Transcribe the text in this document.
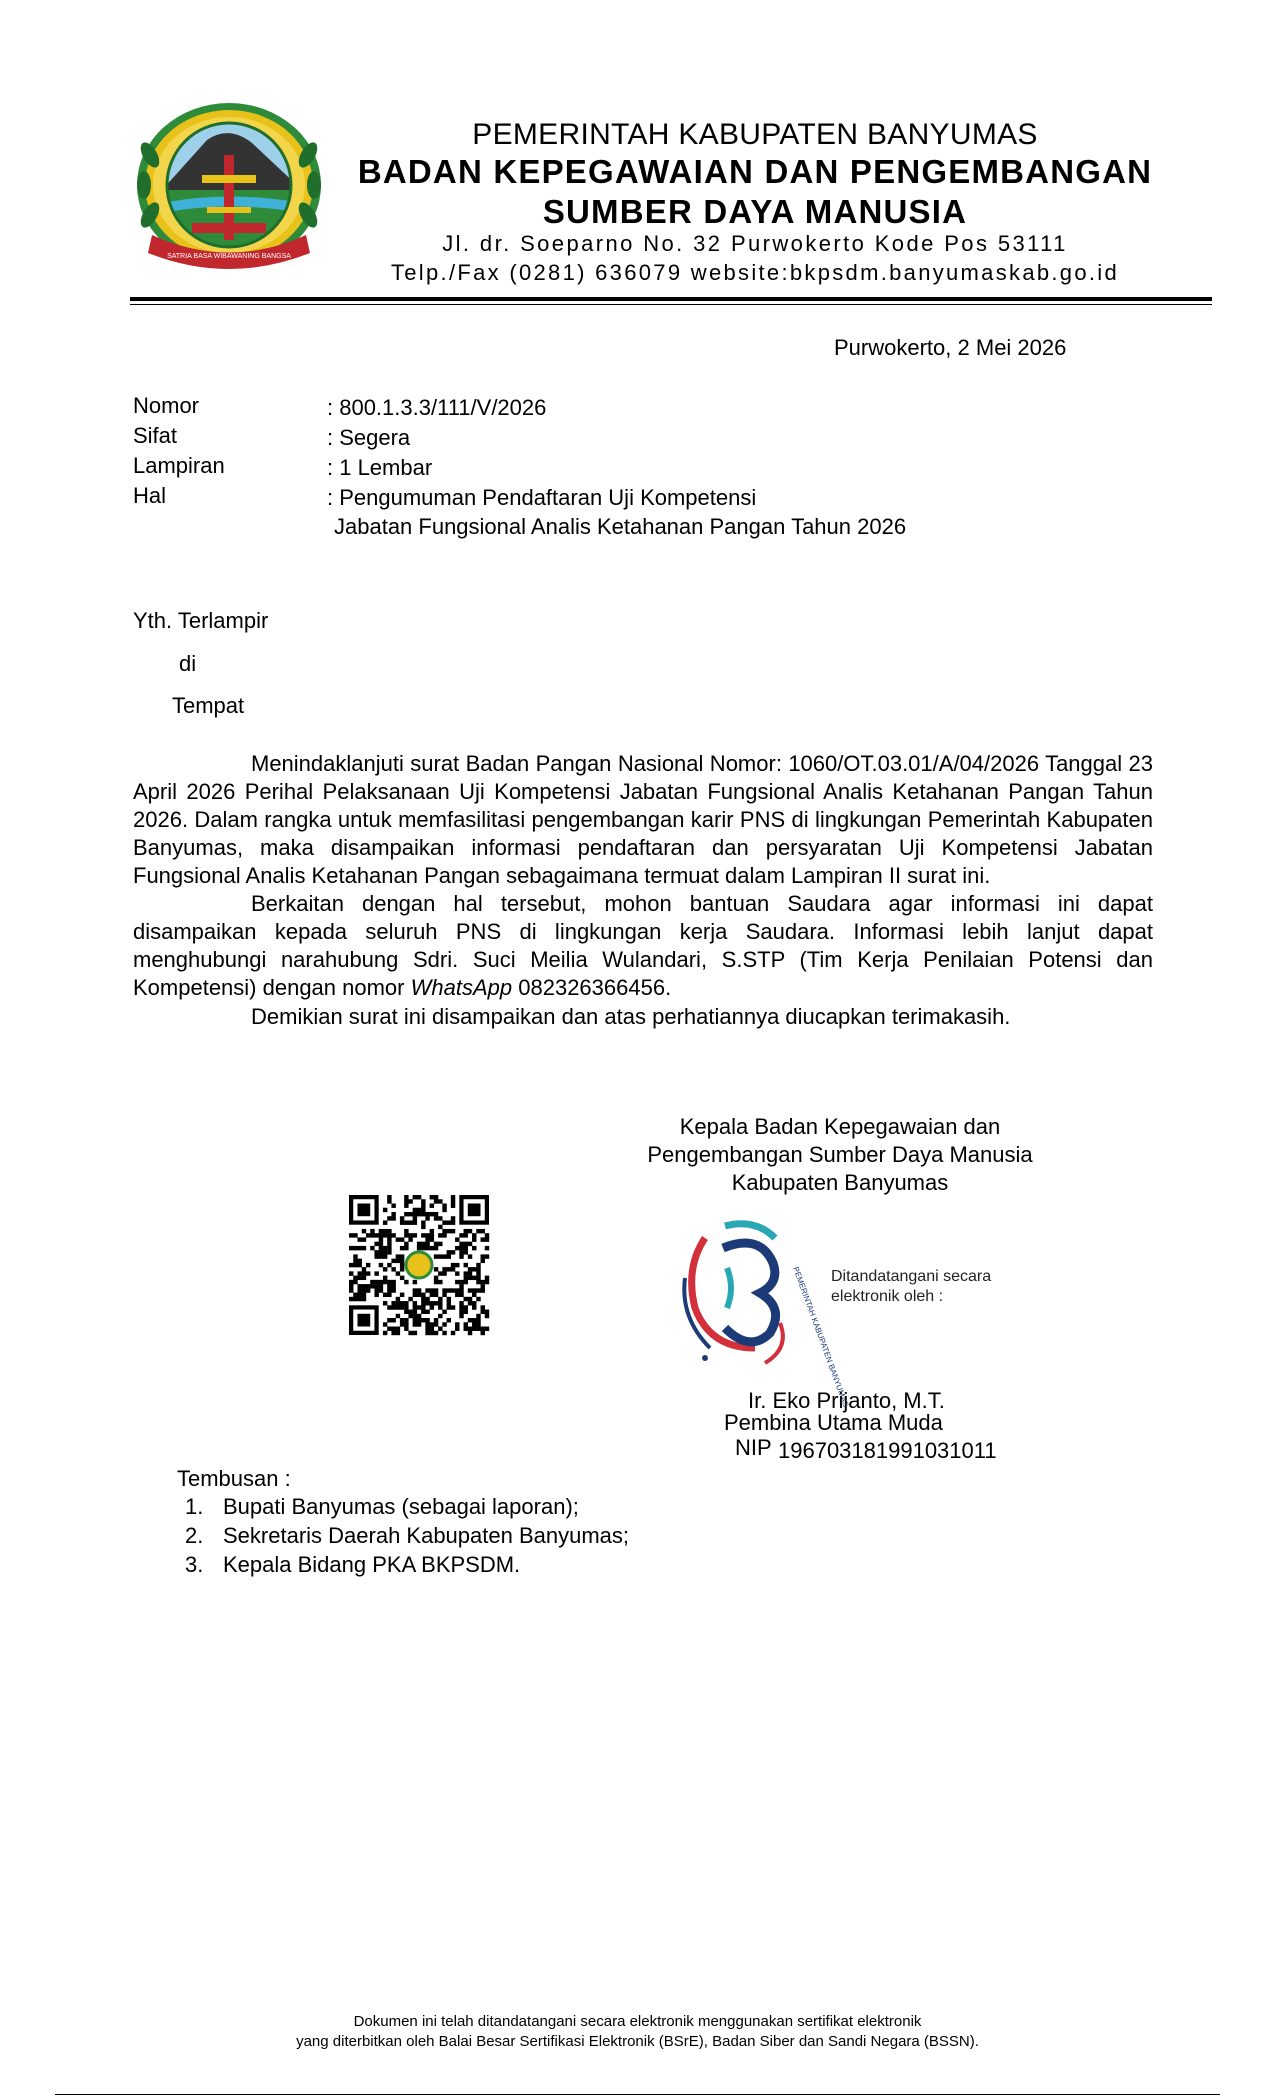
SATRIA BASA WIBAWANING BANGSA
PEMERINTAH KABUPATEN BANYUMAS
BADAN KEPEGAWAIAN DAN PENGEMBANGAN
SUMBER DAYA MANUSIA
Jl. dr. Soeparno No. 32 Purwokerto Kode Pos 53111
Telp./Fax (0281) 636079 website:bkpsdm.banyumaskab.go.id
Purwokerto, 2 Mei 2026
Nomor	: 800.1.3.3/111/V/2026
Sifat	: Segera
Lampiran	: 1 Lembar
Hal	: Pengumuman Pendaftaran Uji Kompetensi
Jabatan Fungsional Analis Ketahanan Pangan Tahun 2026
Yth. Terlampir
di
Tempat
Menindaklanjuti surat Badan Pangan Nasional Nomor: 1060/OT.03.01/A/04/2026 Tanggal 23 April 2026 Perihal Pelaksanaan Uji Kompetensi Jabatan Fungsional Analis Ketahanan Pangan Tahun 2026. Dalam rangka untuk memfasilitasi pengembangan karir PNS di lingkungan Pemerintah Kabupaten Banyumas, maka disampaikan informasi pendaftaran dan persyaratan Uji Kompetensi Jabatan Fungsional Analis Ketahanan Pangan sebagaimana termuat dalam Lampiran II surat ini.
Berkaitan dengan hal tersebut, mohon bantuan Saudara agar informasi ini dapat disampaikan kepada seluruh PNS di lingkungan kerja Saudara. Informasi lebih lanjut dapat menghubungi narahubung Sdri. Suci Meilia Wulandari, S.STP (Tim Kerja Penilaian Potensi dan Kompetensi) dengan nomor WhatsApp 082326366456.
Demikian surat ini disampaikan dan atas perhatiannya diucapkan terimakasih.
Kepala Badan Kepegawaian dan
Pengembangan Sumber Daya Manusia
Kabupaten Banyumas
PEMERINTAH KABUPATEN BANYUMAS
Ditandatangani secara
elektronik oleh :
Ir. Eko Prijanto, M.T.
Pembina Utama Muda
NIP 196703181991031011
Tembusan :
1. Bupati Banyumas (sebagai laporan);
2. Sekretaris Daerah Kabupaten Banyumas;
3. Kepala Bidang PKA BKPSDM.
Dokumen ini telah ditandatangani secara elektronik menggunakan sertifikat elektronik
yang diterbitkan oleh Balai Besar Sertifikasi Elektronik (BSrE), Badan Siber dan Sandi Negara (BSSN).
